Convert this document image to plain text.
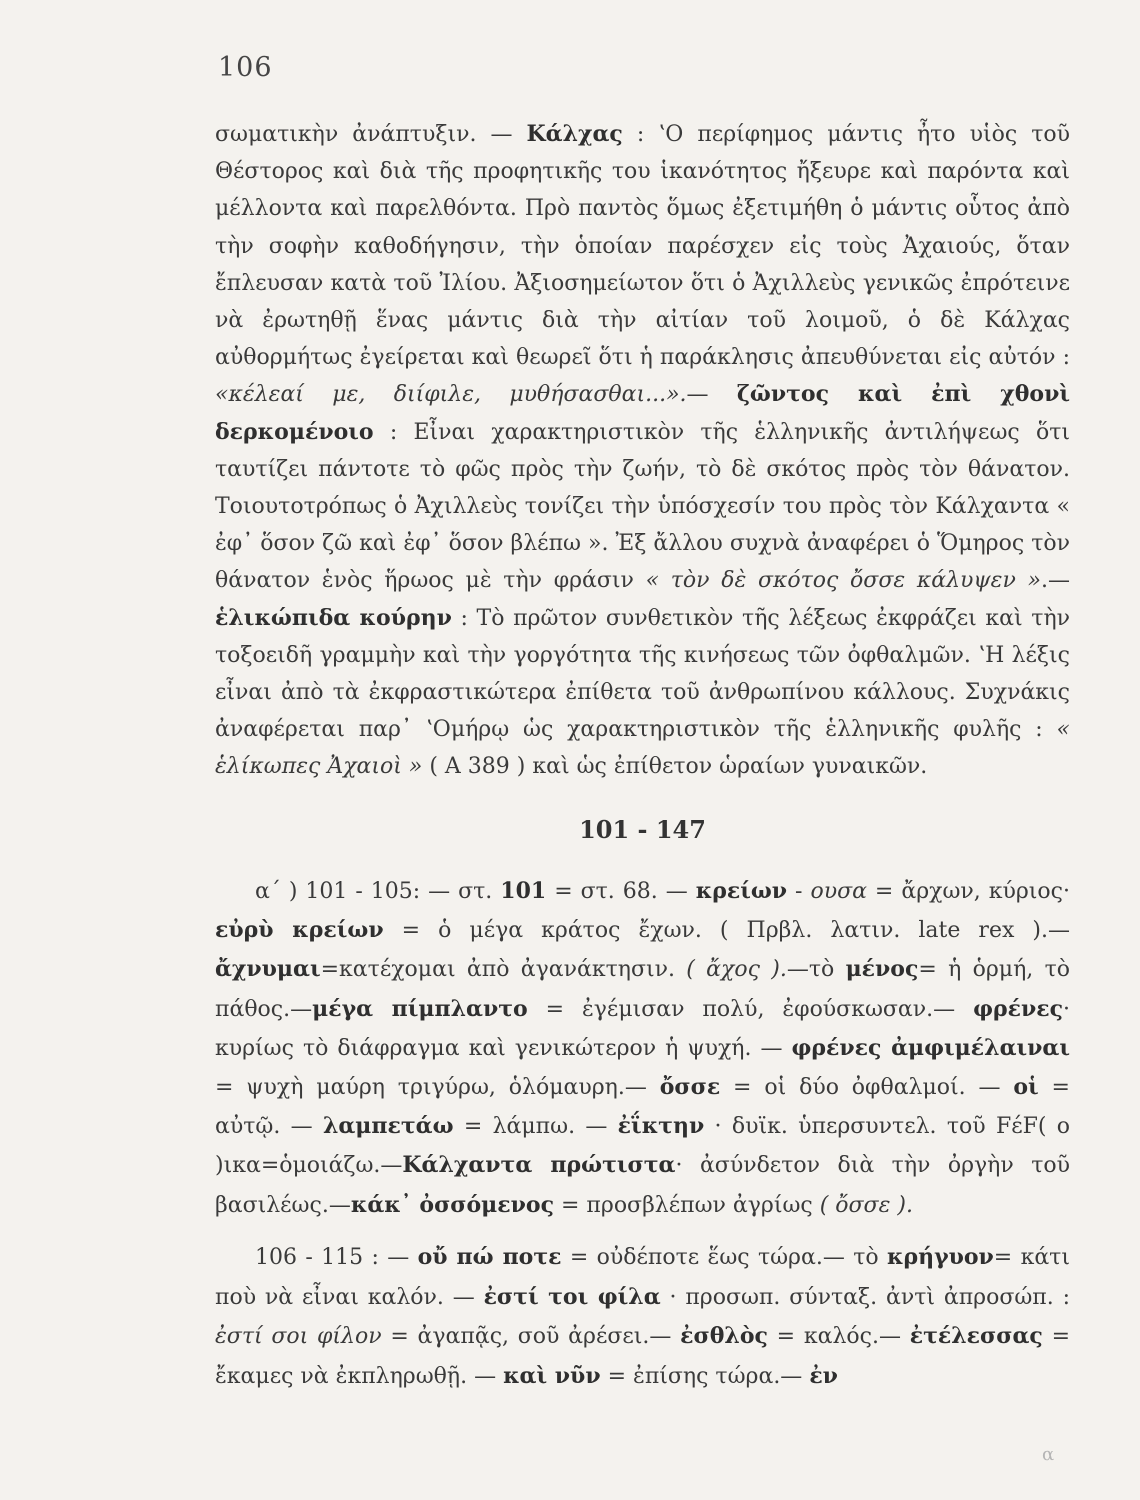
106
σωματικὴν ἀνάπτυξιν. — Κάλχας : ʽΟ περίφημος μάντις ἦτο υἱὸς τοῦ Θέστορος καὶ διὰ τῆς προφητικῆς του ἱκανότητος ἤξευρε καὶ παρόντα καὶ μέλλοντα καὶ παρελθόντα. Πρὸ παντὸς ὅμως ἐξετιμήθη ὁ μάντις οὗτος ἀπὸ τὴν σοφὴν καθοδήγησιν, τὴν ὁποίαν παρέσχεν εἰς τοὺς Ἀχαιούς, ὅταν ἔπλευσαν κατὰ τοῦ Ἰλίου. Ἀξιοσημείωτον ὅτι ὁ Ἀχιλλεὺς γενικῶς ἐπρότεινε νὰ ἐρωτηθῇ ἕνας μάντις διὰ τὴν αἰτίαν τοῦ λοιμοῦ, ὁ δὲ Κάλχας αὐθορμήτως ἐγείρεται καὶ θεωρεῖ ὅτι ἡ παράκλησις ἀπευθύνεται εἰς αὐτόν : «κέλεαί με, διίφιλε, μυθήσασθαι...».— ζῶντος καὶ ἐπὶ χθονὶ δερκομένοιο : Εἶναι χαρακτηριστικὸν τῆς ἑλληνικῆς ἀντιλήψεως ὅτι ταυτίζει πάντοτε τὸ φῶς πρὸς τὴν ζωήν, τὸ δὲ σκότος πρὸς τὸν θάνατον. Τοιουτοτρόπως ὁ Ἀχιλλεὺς τονίζει τὴν ὑπόσχεσίν του πρὸς τὸν Κάλχαντα « ἐφ᾽ ὅσον ζῶ καὶ ἐφ᾽ ὅσον βλέπω ». Ἐξ ἄλλου συχνὰ ἀναφέρει ὁ Ὅμηρος τὸν θάνατον ἑνὸς ἥρωος μὲ τὴν φράσιν « τὸν δὲ σκότος ὄσσε κάλυψεν ».— ἑλικώπιδα κούρην : Τὸ πρῶτον συνθετικὸν τῆς λέξεως ἐκφράζει καὶ τὴν τοξοειδῆ γραμμὴν καὶ τὴν γοργότητα τῆς κινήσεως τῶν ὀφθαλμῶν. ʽΗ λέξις εἶναι ἀπὸ τὰ ἐκφραστικώτερα ἐπίθετα τοῦ ἀνθρωπίνου κάλλους. Συχνάκις ἀναφέρεται παρ᾽ ʽΟμήρῳ ὡς χαρακτηριστικὸν τῆς ἑλληνικῆς φυλῆς : « ἑλίκωπες Ἀχαιοὶ » ( Α 389 ) καὶ ὡς ἐπίθετον ὡραίων γυναικῶν.
101 - 147
α΄ ) 101 - 105: — στ. 101 = στ. 68. — κρείων - ουσα = ἄρχων, κύριος· εὐρὺ κρείων = ὁ μέγα κράτος ἔχων. ( Πρβλ. λατιν. late rex ).— ἄχνυμαι=κατέχομαι ἀπὸ ἀγανάκτησιν. ( ἄχος ).—τὸ μένος= ἡ ὁρμή, τὸ πάθος.—μέγα πίμπλαντο = ἐγέμισαν πολύ, ἐφούσκωσαν.— φρένες· κυρίως τὸ διάφραγμα καὶ γενικώτερον ἡ ψυχή. — φρένες ἀμφιμέλαιναι = ψυχὴ μαύρη τριγύρω, ὁλόμαυρη.— ὄσσε = οἱ δύο ὀφθαλμοί. — οἱ = αὐτῷ. — λαμπετάω = λάμπω. — ἐΐκτην · δυϊκ. ὑπερσυντελ. τοῦ FέF( ο )ικα=ὁμοιάζω.—Κάλχαντα πρώτιστα· ἀσύνδετον διὰ τὴν ὀργὴν τοῦ βασιλέως.—κάκ᾽ ὀσσόμενος = προσβλέπων ἀγρίως ( ὄσσε ).
106 - 115 : — οὔ πώ ποτε = οὐδέποτε ἕως τώρα.— τὸ κρήγυον= κάτι ποὺ νὰ εἶναι καλόν. — ἐστί τοι φίλα · προσωπ. σύνταξ. ἀντὶ ἀπροσώπ. : ἐστί σοι φίλον = ἀγαπᾷς, σοῦ ἀρέσει.— ἐσθλὸς = καλός.— ἐτέλεσσας = ἔκαμες νὰ ἐκπληρωθῇ. — καὶ νῦν = ἐπίσης τώρα.— ἐν
α
